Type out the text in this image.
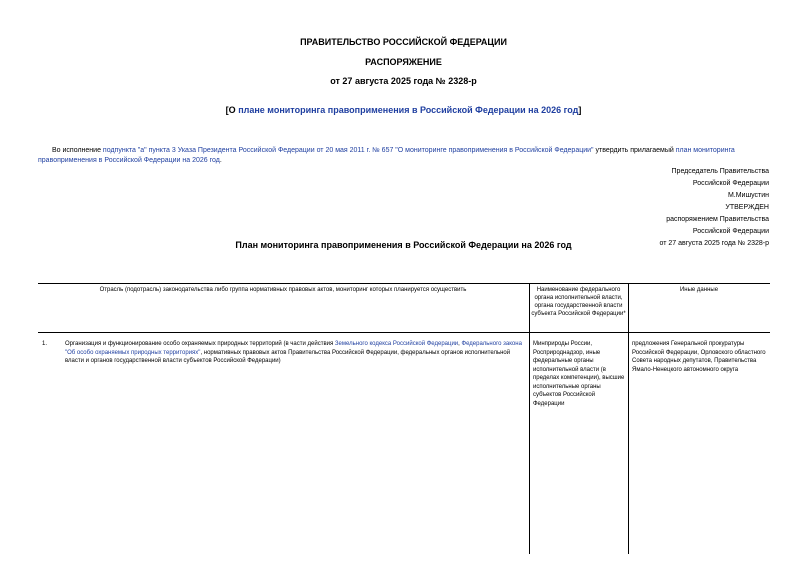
ПРАВИТЕЛЬСТВО РОССИЙСКОЙ ФЕДЕРАЦИИ
РАСПОРЯЖЕНИЕ
от 27 августа 2025 года № 2328-р
[О плане мониторинга правоприменения в Российской Федерации на 2026 год]
Во исполнение подпункта "а" пункта 3 Указа Президента Российской Федерации от 20 мая 2011 г. № 657 "О мониторинге правоприменения в Российской Федерации" утвердить прилагаемый план мониторинга правоприменения в Российской Федерации на 2026 год.
Председатель Правительства
Российской Федерации
М.Мишустин
УТВЕРЖДЕН
распоряжением Правительства
Российской Федерации
от 27 августа 2025 года № 2328-р
План мониторинга правоприменения в Российской Федерации на 2026 год
Отрасль (подотрасль) законодательства либо группа нормативных правовых актов, мониторинг которых планируется осуществить	Наименование федерального органа исполнительной власти, органа государственной власти субъекта Российской Федерации*
Иные данные
1.	Организация и функционирование особо охраняемых природных территорий (в части действия Земельного кодекса Российской Федерации, Федерального закона "Об особо охраняемых природных территориях", нормативных правовых актов Правительства Российской Федерации, федеральных органов исполнительной власти и органов государственной власти субъектов Российской Федерации)
Минприроды России, Росприроднадзор, иные федеральные органы исполнительной власти (в пределах компетенции), высшие исполнительные органы субъектов Российской Федерации
предложения Генеральной прокуратуры Российской Федерации, Орловского областного Совета народных депутатов, Правительства Ямало-Ненецкого автономного округа
